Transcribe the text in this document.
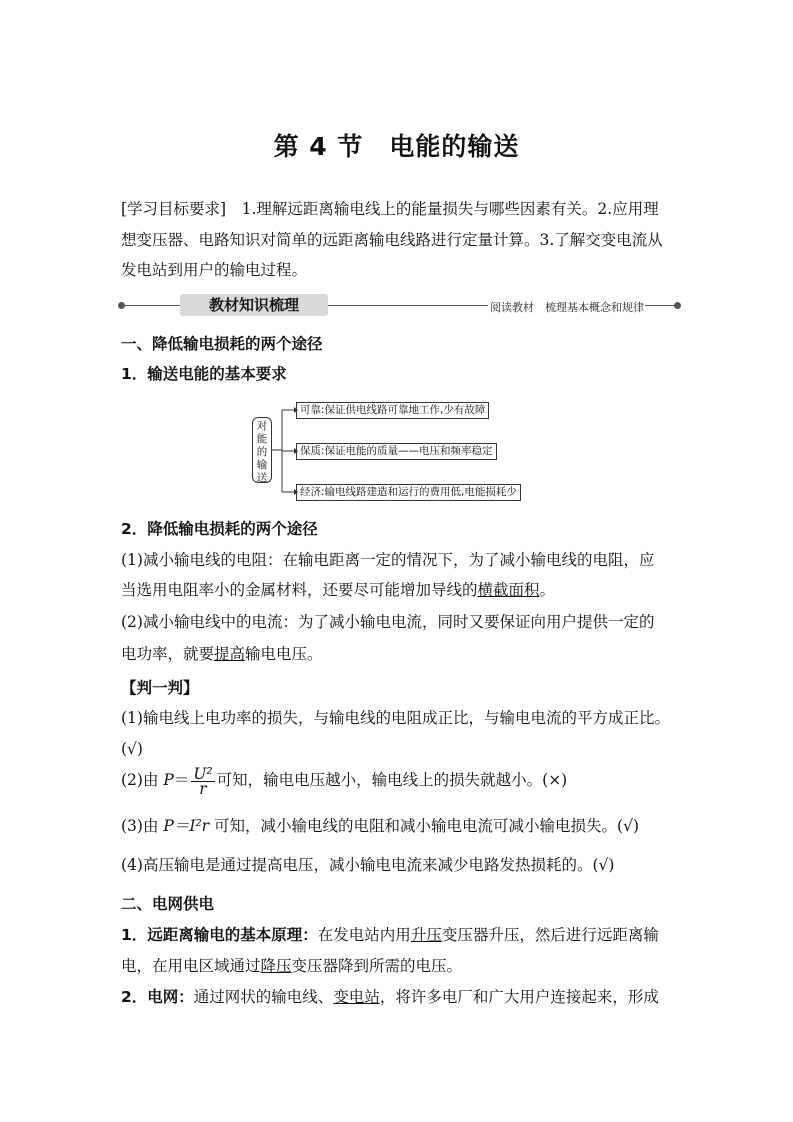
第 4 节　电能的输送
[学习目标要求]　 1.理解远距离输电线上的能量损失与哪些因素有关。2.应用理
想变压器、电路知识对简单的远距离输电线路进行定量计算。3.了解交变电流从
发电站到用户的输电过程。
教材知识梳理	阅读教材　梳理基本概念和规律
一、降低输电损耗的两个途径
1．输送电能的基本要求
对能的输送
可靠:保证供电线路可靠地工作,少有故障
保质:保证电能的质量——电压和频率稳定
经济:输电线路建造和运行的费用低,电能损耗少
2．降低输电损耗的两个途径
(1)减小输电线的电阻：在输电距离一定的情况下，为了减小输电线的电阻，应
当选用电阻率小的金属材料，还要尽可能增加导线的横截面积。
(2)减小输电线中的电流：为了减小输电电流，同时又要保证向用户提供一定的
电功率，就要提高输电电压。
【判一判】
(1)输电线上电功率的损失，与输电线的电阻成正比，与输电电流的平方成正比。
(√)
(2)由 $P= \frac{\text{U²}}{r}$ 可知，输电电压越小，输电线上的损失就越小。(×)
(3)由 P＝I²r 可知，减小输电线的电阻和减小输电电流可减小输电损失。(√)
(4)高压输电是通过提高电压，减小输电电流来减少电路发热损耗的。(√)
二、电网供电
1．远距离输电的基本原理：在发电站内用升压变压器升压，然后进行远距离输
电，在用电区域通过降压变压器降到所需的电压。
2．电网：通过网状的输电线、变电站，将许多电厂和广大用户连接起来，形成
